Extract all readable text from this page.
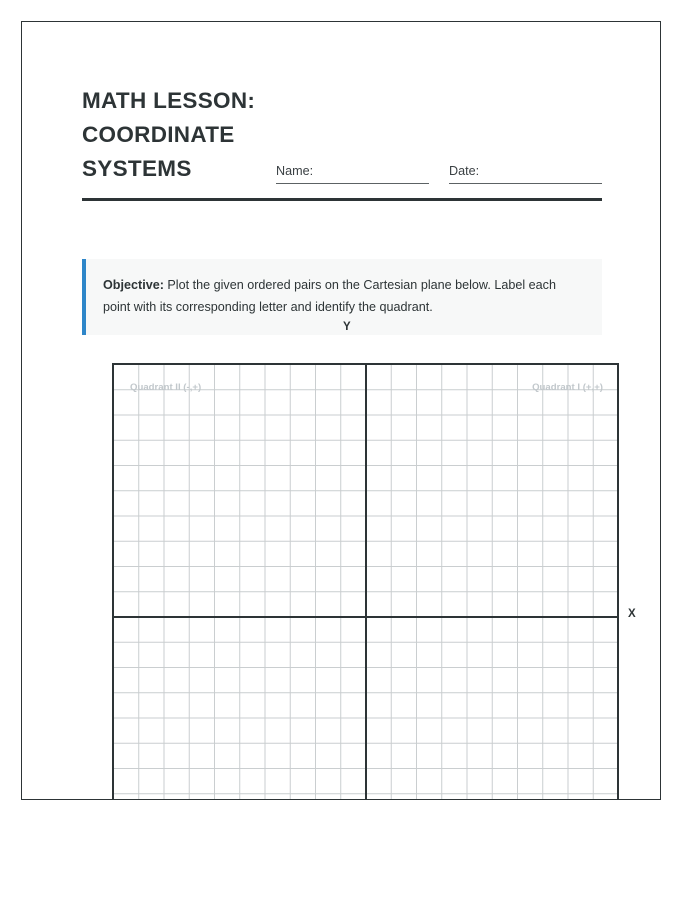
MATH LESSON: COORDINATE SYSTEMS	Name:	Date:
Objective: Plot the given ordered pairs on the Cartesian plane below. Label each point with its corresponding letter and identify the quadrant.
Y
X
Quadrant II (-,+)	Quadrant I (+,+)
